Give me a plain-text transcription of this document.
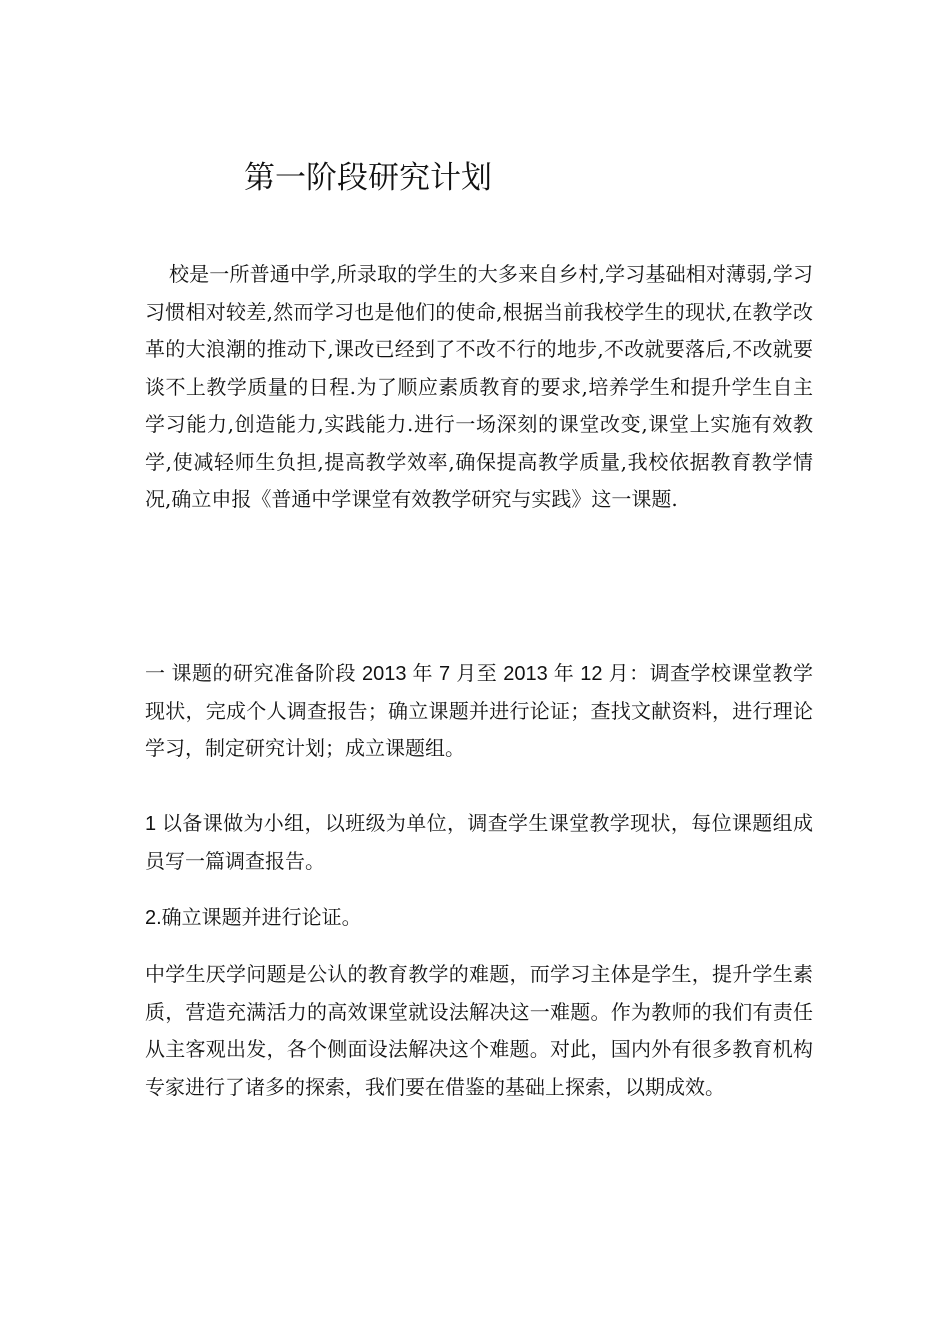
第一阶段研究计划

校是一所普通中学,所录取的学生的大多来自乡村,学习基础相对薄弱,学习习惯相对较差,然而学习也是他们的使命,根据当前我校学生的现状,在教学改革的大浪潮的推动下,课改已经到了不改不行的地步,不改就要落后,不改就要谈不上教学质量的日程.为了顺应素质教育的要求,培养学生和提升学生自主学习能力,创造能力,实践能力.进行一场深刻的课堂改变,课堂上实施有效教学,使减轻师生负担,提高教学效率,确保提高教学质量,我校依据教育教学情况,确立申报《普通中学课堂有效教学研究与实践》这一课题.

一 课题的研究准备阶段 2013 年 7 月至 2013 年 12 月：调查学校课堂教学现状，完成个人调查报告；确立课题并进行论证；查找文献资料，进行理论学习，制定研究计划；成立课题组。

1 以备课做为小组，以班级为单位，调查学生课堂教学现状，每位课题组成员写一篇调查报告。

2.确立课题并进行论证。

中学生厌学问题是公认的教育教学的难题，而学习主体是学生，提升学生素质，营造充满活力的高效课堂就设法解决这一难题。作为教师的我们有责任从主客观出发，各个侧面设法解决这个难题。对此，国内外有很多教育机构专家进行了诸多的探索，我们要在借鉴的基础上探索，以期成效。
